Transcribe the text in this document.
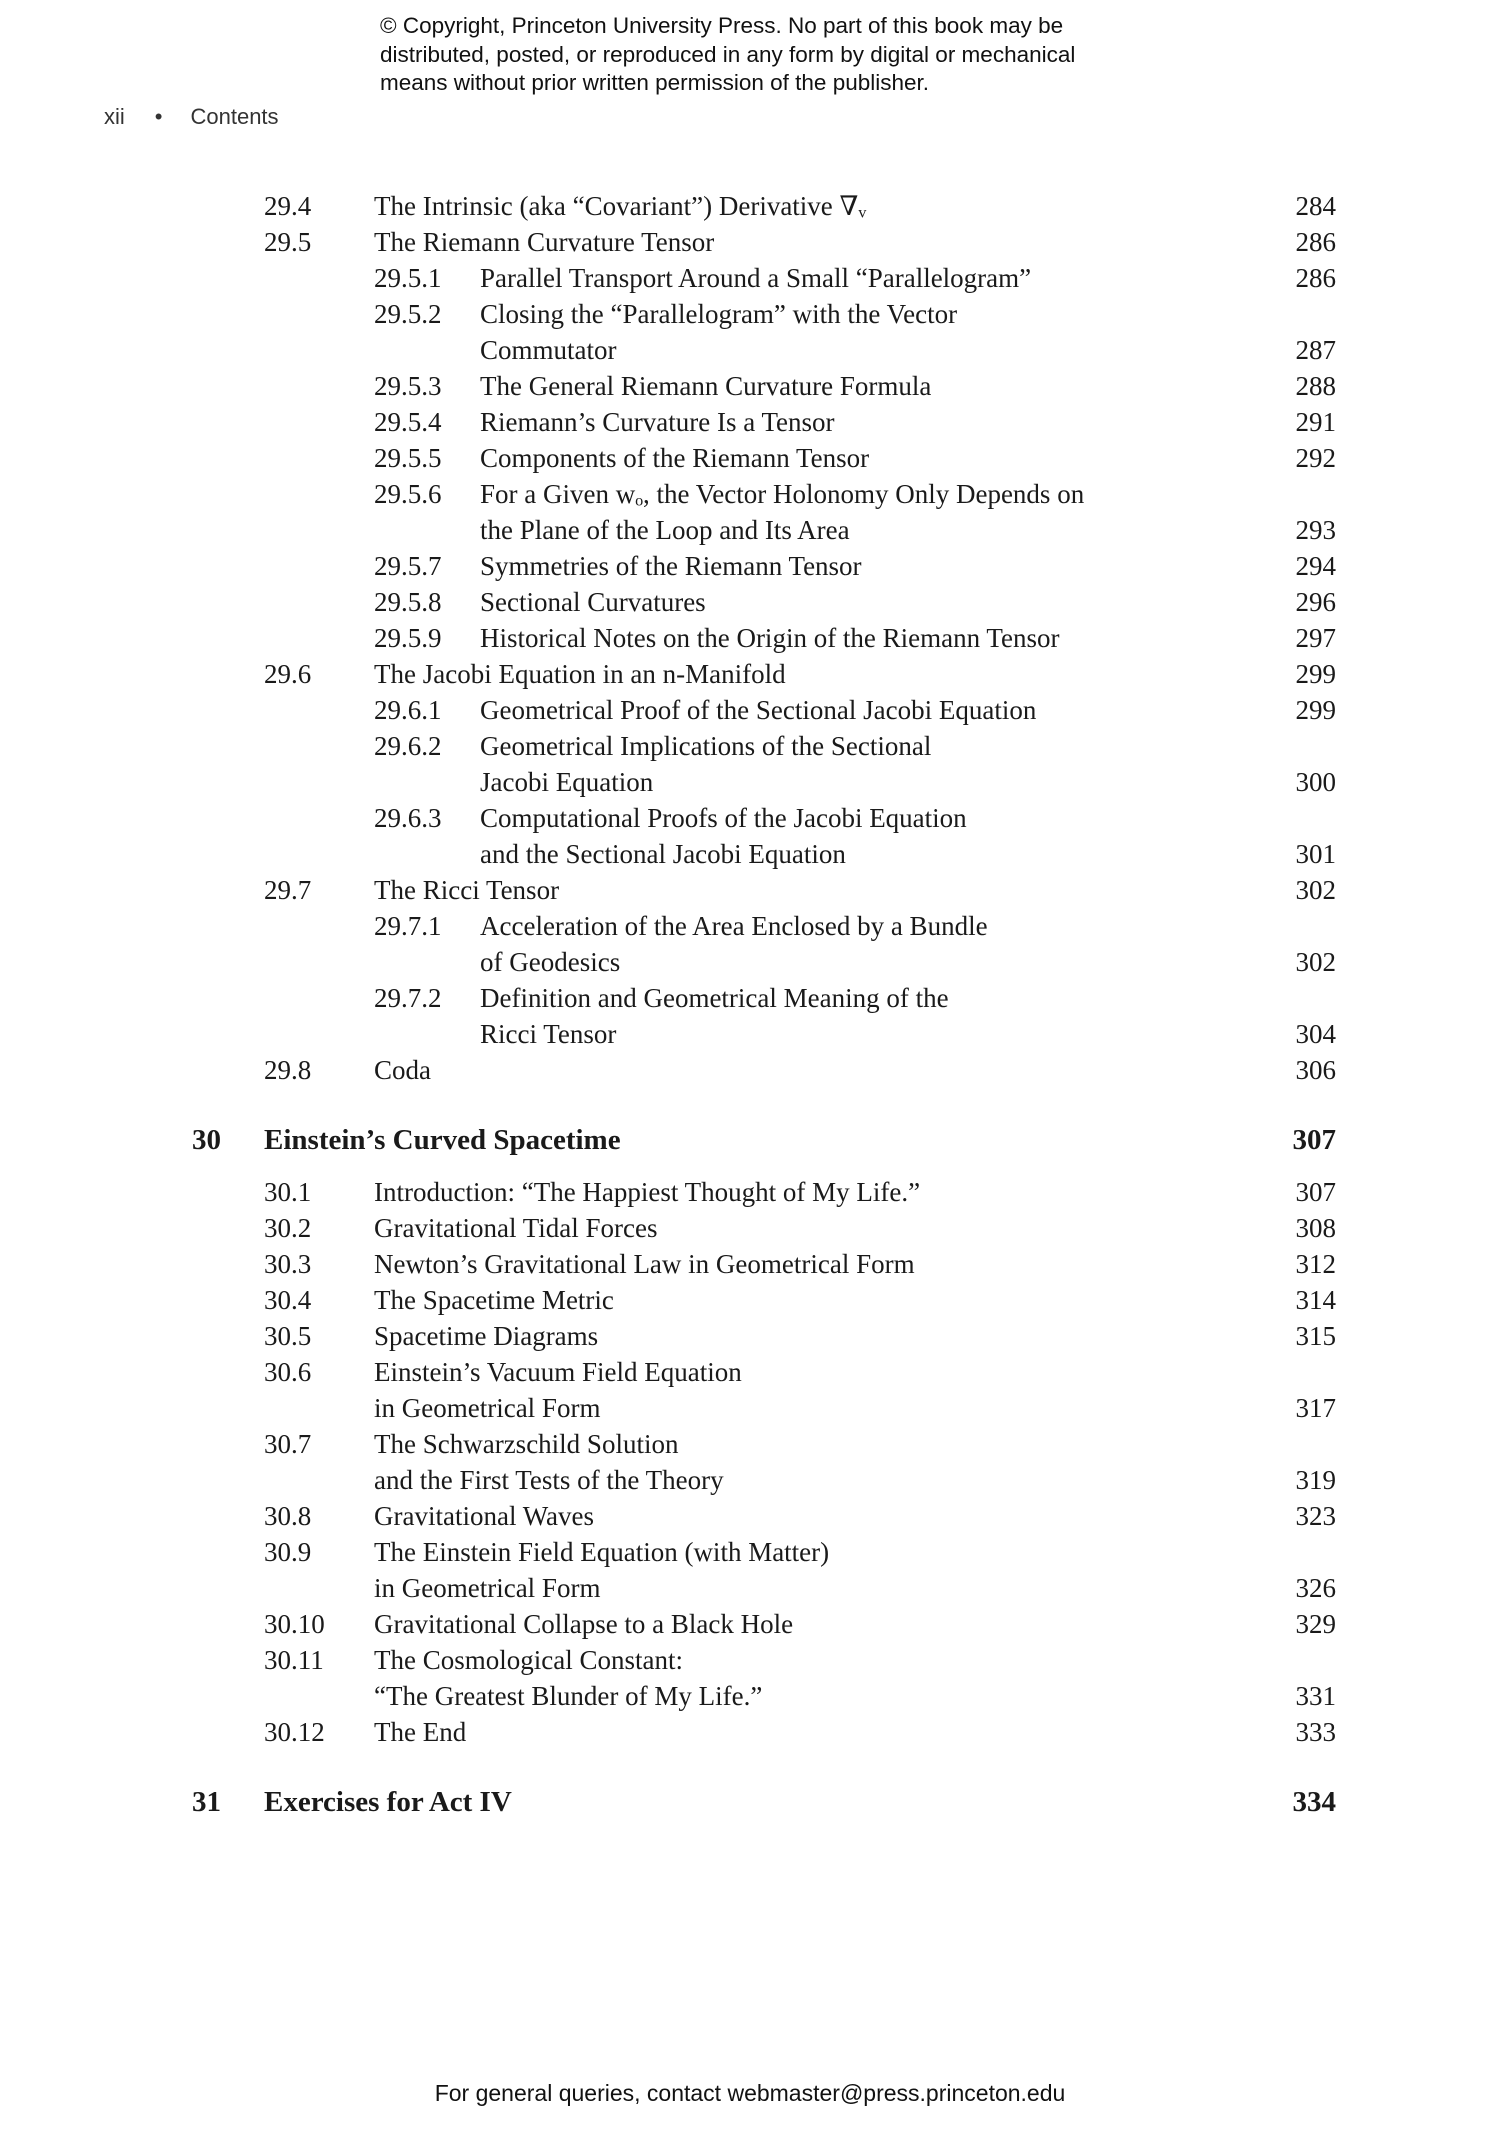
© Copyright, Princeton University Press. No part of this book may be
distributed, posted, or reproduced in any form by digital or mechanical
means without prior written permission of the publisher.
xii • Contents
29.4 The Intrinsic (aka “Covariant”) Derivative ∇ᵥ	284
29.5 The Riemann Curvature Tensor	286
29.5.1 Parallel Transport Around a Small “Parallelogram”	286
29.5.2 Closing the “Parallelogram” with the Vector
Commutator	287
29.5.3 The General Riemann Curvature Formula	288
29.5.4 Riemann’s Curvature Is a Tensor	291
29.5.5 Components of the Riemann Tensor	292
29.5.6 For a Given wₒ, the Vector Holonomy Only Depends on
the Plane of the Loop and Its Area	293
29.5.7 Symmetries of the Riemann Tensor	294
29.5.8 Sectional Curvatures	296
29.5.9 Historical Notes on the Origin of the Riemann Tensor	297
29.6 The Jacobi Equation in an n-Manifold	299
29.6.1 Geometrical Proof of the Sectional Jacobi Equation	299
29.6.2 Geometrical Implications of the Sectional
Jacobi Equation	300
29.6.3 Computational Proofs of the Jacobi Equation
and the Sectional Jacobi Equation	301
29.7 The Ricci Tensor	302
29.7.1 Acceleration of the Area Enclosed by a Bundle
of Geodesics	302
29.7.2 Definition and Geometrical Meaning of the
Ricci Tensor	304
29.8 Coda	306
30 Einstein’s Curved Spacetime	307
30.1 Introduction: “The Happiest Thought of My Life.”	307
30.2 Gravitational Tidal Forces	308
30.3 Newton’s Gravitational Law in Geometrical Form	312
30.4 The Spacetime Metric	314
30.5 Spacetime Diagrams	315
30.6 Einstein’s Vacuum Field Equation
in Geometrical Form	317
30.7 The Schwarzschild Solution
and the First Tests of the Theory	319
30.8 Gravitational Waves	323
30.9 The Einstein Field Equation (with Matter)
in Geometrical Form	326
30.10 Gravitational Collapse to a Black Hole	329
30.11 The Cosmological Constant:
“The Greatest Blunder of My Life.”	331
30.12 The End	333
31 Exercises for Act IV	334
For general queries, contact webmaster@press.princeton.edu
